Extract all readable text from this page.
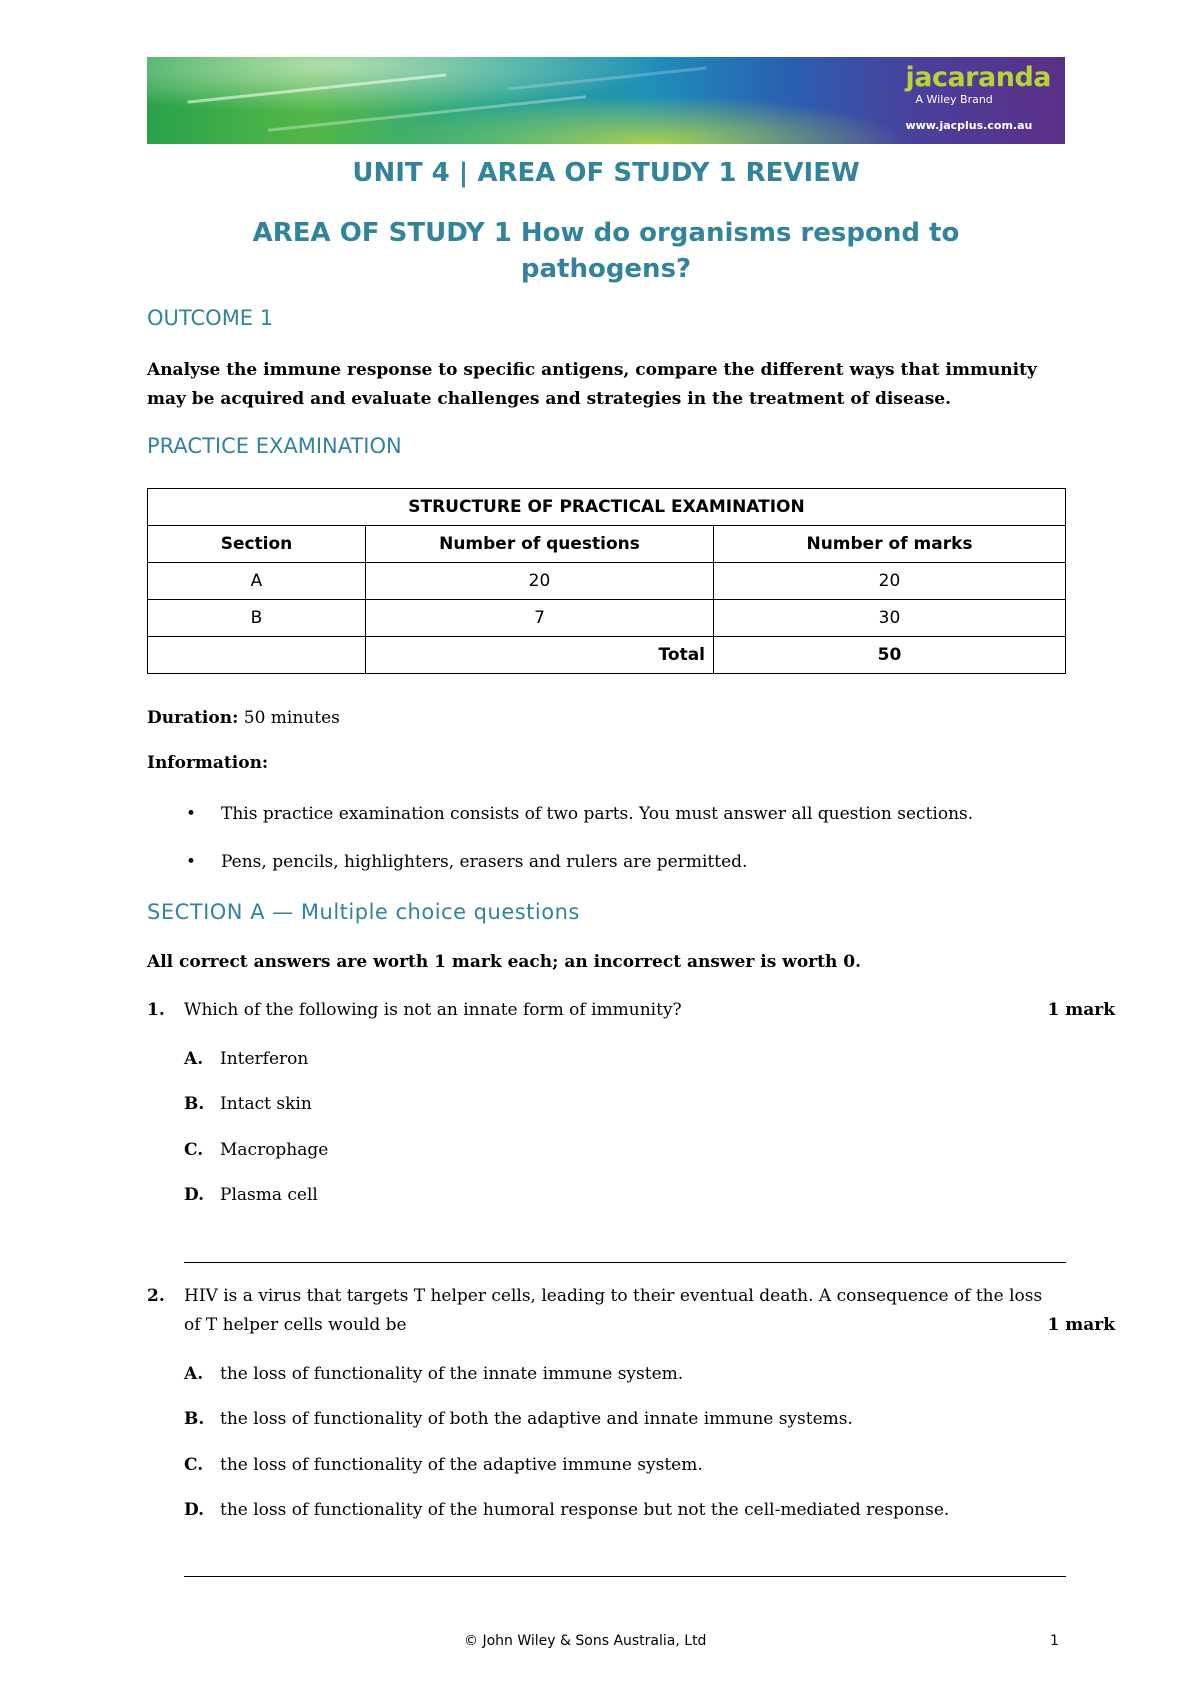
jacaranda
A Wiley Brand
www.jacplus.com.au
UNIT 4 | AREA OF STUDY 1 REVIEW
AREA OF STUDY 1 How do organisms respond to pathogens?
OUTCOME 1
Analyse the immune response to specific antigens, compare the different ways that immunity may be acquired and evaluate challenges and strategies in the treatment of disease.
PRACTICE EXAMINATION
STRUCTURE OF PRACTICAL EXAMINATION		
Section	Number of questions	Number of marks
A	20	20
B	7	30
	Total	50
Duration: 50 minutes
Information:
• This practice examination consists of two parts. You must answer all question sections.
• Pens, pencils, highlighters, erasers and rulers are permitted.
SECTION A — Multiple choice questions
All correct answers are worth 1 mark each; an incorrect answer is worth 0.
1. Which of the following is not an innate form of immunity?	1 mark
A. Interferon
B. Intact skin
C. Macrophage
D. Plasma cell
2. HIV is a virus that targets T helper cells, leading to their eventual death. A consequence of the loss
of T helper cells would be	1 mark
A. the loss of functionality of the innate immune system.
B. the loss of functionality of both the adaptive and innate immune systems.
C. the loss of functionality of the adaptive immune system.
D. the loss of functionality of the humoral response but not the cell-mediated response.
© John Wiley & Sons Australia, Ltd	1
